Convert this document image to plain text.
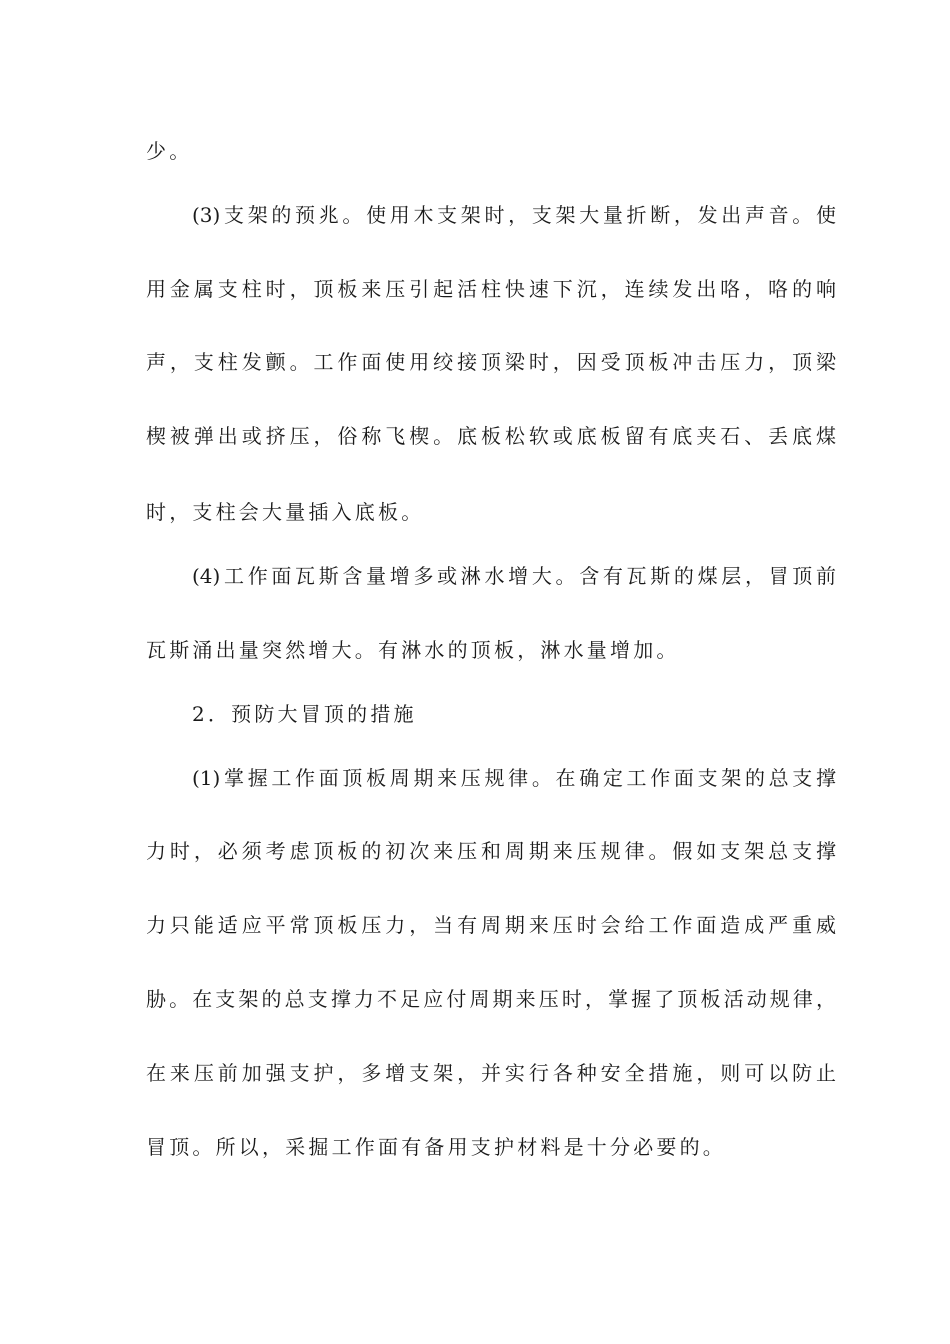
少。
(3)支架的预兆。使用木支架时，支架大量折断，发出声音。使
用金属支柱时，顶板来压引起活柱快速下沉，连续发出咯，咯的响
声，支柱发颤。工作面使用绞接顶梁时，因受顶板冲击压力，顶梁
楔被弹出或挤压，俗称飞楔。底板松软或底板留有底夹石、丢底煤
时，支柱会大量插入底板。
(4)工作面瓦斯含量增多或淋水增大。含有瓦斯的煤层，冒顶前
瓦斯涌出量突然增大。有淋水的顶板，淋水量增加。
2．预防大冒顶的措施
(1)掌握工作面顶板周期来压规律。在确定工作面支架的总支撑
力时，必须考虑顶板的初次来压和周期来压规律。假如支架总支撑
力只能适应平常顶板压力，当有周期来压时会给工作面造成严重威
胁。在支架的总支撑力不足应付周期来压时，掌握了顶板活动规律，
在来压前加强支护，多增支架，并实行各种安全措施，则可以防止
冒顶。所以，采掘工作面有备用支护材料是十分必要的。
